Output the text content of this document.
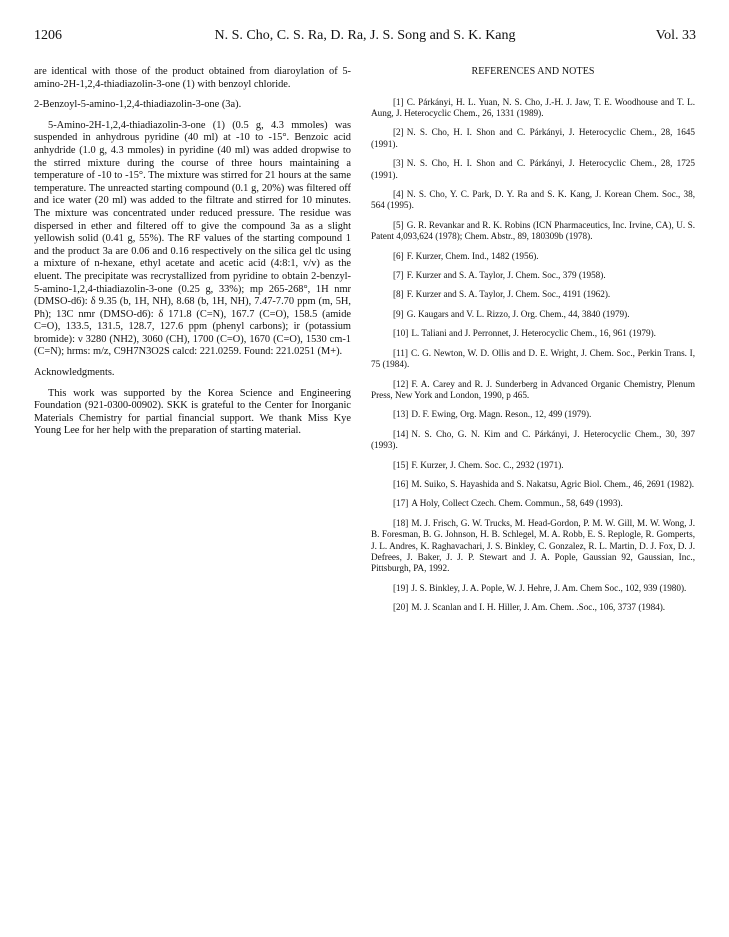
1206	N. S. Cho, C. S. Ra, D. Ra, J. S. Song and S. K. Kang	Vol. 33

are identical with those of the product obtained from diaroylation of 5-amino-2H-1,2,4-thiadiazolin-3-one (1) with benzoyl chloride.

2-Benzoyl-5-amino-1,2,4-thiadiazolin-3-one (3a).

5-Amino-2H-1,2,4-thiadiazolin-3-one (1) (0.5 g, 4.3 mmoles) was suspended in anhydrous pyridine (40 ml) at -10 to -15°. Benzoic acid anhydride (1.0 g, 4.3 mmoles) in pyridine (40 ml) was added dropwise to the stirred mixture during the course of three hours maintaining a temperature of -10 to -15°. The mixture was stirred for 21 hours at the same temperature. The unreacted starting compound (0.1 g, 20%) was filtered off and ice water (20 ml) was added to the filtrate and stirred for 10 minutes. The mixture was concentrated under reduced pressure. The residue was dispersed in ether and filtered off to give the compound 3a as a slight yellowish solid (0.41 g, 55%). The RF values of the starting compound 1 and the product 3a are 0.06 and 0.16 respectively on the silica gel tlc using a mixture of n-hexane, ethyl acetate and acetic acid (4:8:1, v/v) as the eluent. The precipitate was recrystallized from pyridine to obtain 2-benzyl-5-amino-1,2,4-thiadiazolin-3-one (0.25 g, 33%); mp 265-268°, 1H nmr (DMSO-d6): δ 9.35 (b, 1H, NH), 8.68 (b, 1H, NH), 7.47-7.70 ppm (m, 5H, Ph); 13C nmr (DMSO-d6): δ 171.8 (C=N), 167.7 (C=O), 158.5 (amide C=O), 133.5, 131.5, 128.7, 127.6 ppm (phenyl carbons); ir (potassium bromide): ν 3280 (NH2), 3060 (CH), 1700 (C=O), 1670 (C=O), 1530 cm-1 (C=N); hrms: m/z, C9H7N3O2S calcd: 221.0259. Found: 221.0251 (M+).

Acknowledgments.

This work was supported by the Korea Science and Engineering Foundation (921-0300-00902). SKK is grateful to the Center for Inorganic Materials Chemistry for partial financial support. We thank Miss Kye Young Lee for her help with the preparation of starting material.

REFERENCES AND NOTES

[1] C. Párkányi, H. L. Yuan, N. S. Cho, J.-H. J. Jaw, T. E. Woodhouse and T. L. Aung, J. Heterocyclic Chem., 26, 1331 (1989).

[2] N. S. Cho, H. I. Shon and C. Párkányi, J. Heterocyclic Chem., 28, 1645 (1991).

[3] N. S. Cho, H. I. Shon and C. Párkányi, J. Heterocyclic Chem., 28, 1725 (1991).

[4] N. S. Cho, Y. C. Park, D. Y. Ra and S. K. Kang, J. Korean Chem. Soc., 38, 564 (1995).

[5] G. R. Revankar and R. K. Robins (ICN Pharmaceutics, Inc. Irvine, CA), U. S. Patent 4,093,624 (1978); Chem. Abstr., 89, 180309b (1978).

[6] F. Kurzer, Chem. Ind., 1482 (1956).

[7] F. Kurzer and S. A. Taylor, J. Chem. Soc., 379 (1958).

[8] F. Kurzer and S. A. Taylor, J. Chem. Soc., 4191 (1962).

[9] G. Kaugars and V. L. Rizzo, J. Org. Chem., 44, 3840 (1979).

[10] L. Taliani and J. Perronnet, J. Heterocyclic Chem., 16, 961 (1979).

[11] C. G. Newton, W. D. Ollis and D. E. Wright, J. Chem. Soc., Perkin Trans. I, 75 (1984).

[12] F. A. Carey and R. J. Sunderberg in Advanced Organic Chemistry, Plenum Press, New York and London, 1990, p 465.

[13] D. F. Ewing, Org. Magn. Reson., 12, 499 (1979).

[14] N. S. Cho, G. N. Kim and C. Párkányi, J. Heterocyclic Chem., 30, 397 (1993).

[15] F. Kurzer, J. Chem. Soc. C., 2932 (1971).

[16] M. Suiko, S. Hayashida and S. Nakatsu, Agric Biol. Chem., 46, 2691 (1982).

[17] A Holy, Collect Czech. Chem. Commun., 58, 649 (1993).

[18] M. J. Frisch, G. W. Trucks, M. Head-Gordon, P. M. W. Gill, M. W. Wong, J. B. Foresman, B. G. Johnson, H. B. Schlegel, M. A. Robb, E. S. Replogle, R. Gomperts, J. L. Andres, K. Raghavachari, J. S. Binkley, C. Gonzalez, R. L. Martin, D. J. Fox, D. J. Defrees, J. Baker, J. J. P. Stewart and J. A. Pople, Gaussian 92, Gaussian, Inc., Pittsburgh, PA, 1992.

[19] J. S. Binkley, J. A. Pople, W. J. Hehre, J. Am. Chem Soc., 102, 939 (1980).

[20] M. J. Scanlan and I. H. Hiller, J. Am. Chem. .Soc., 106, 3737 (1984).
